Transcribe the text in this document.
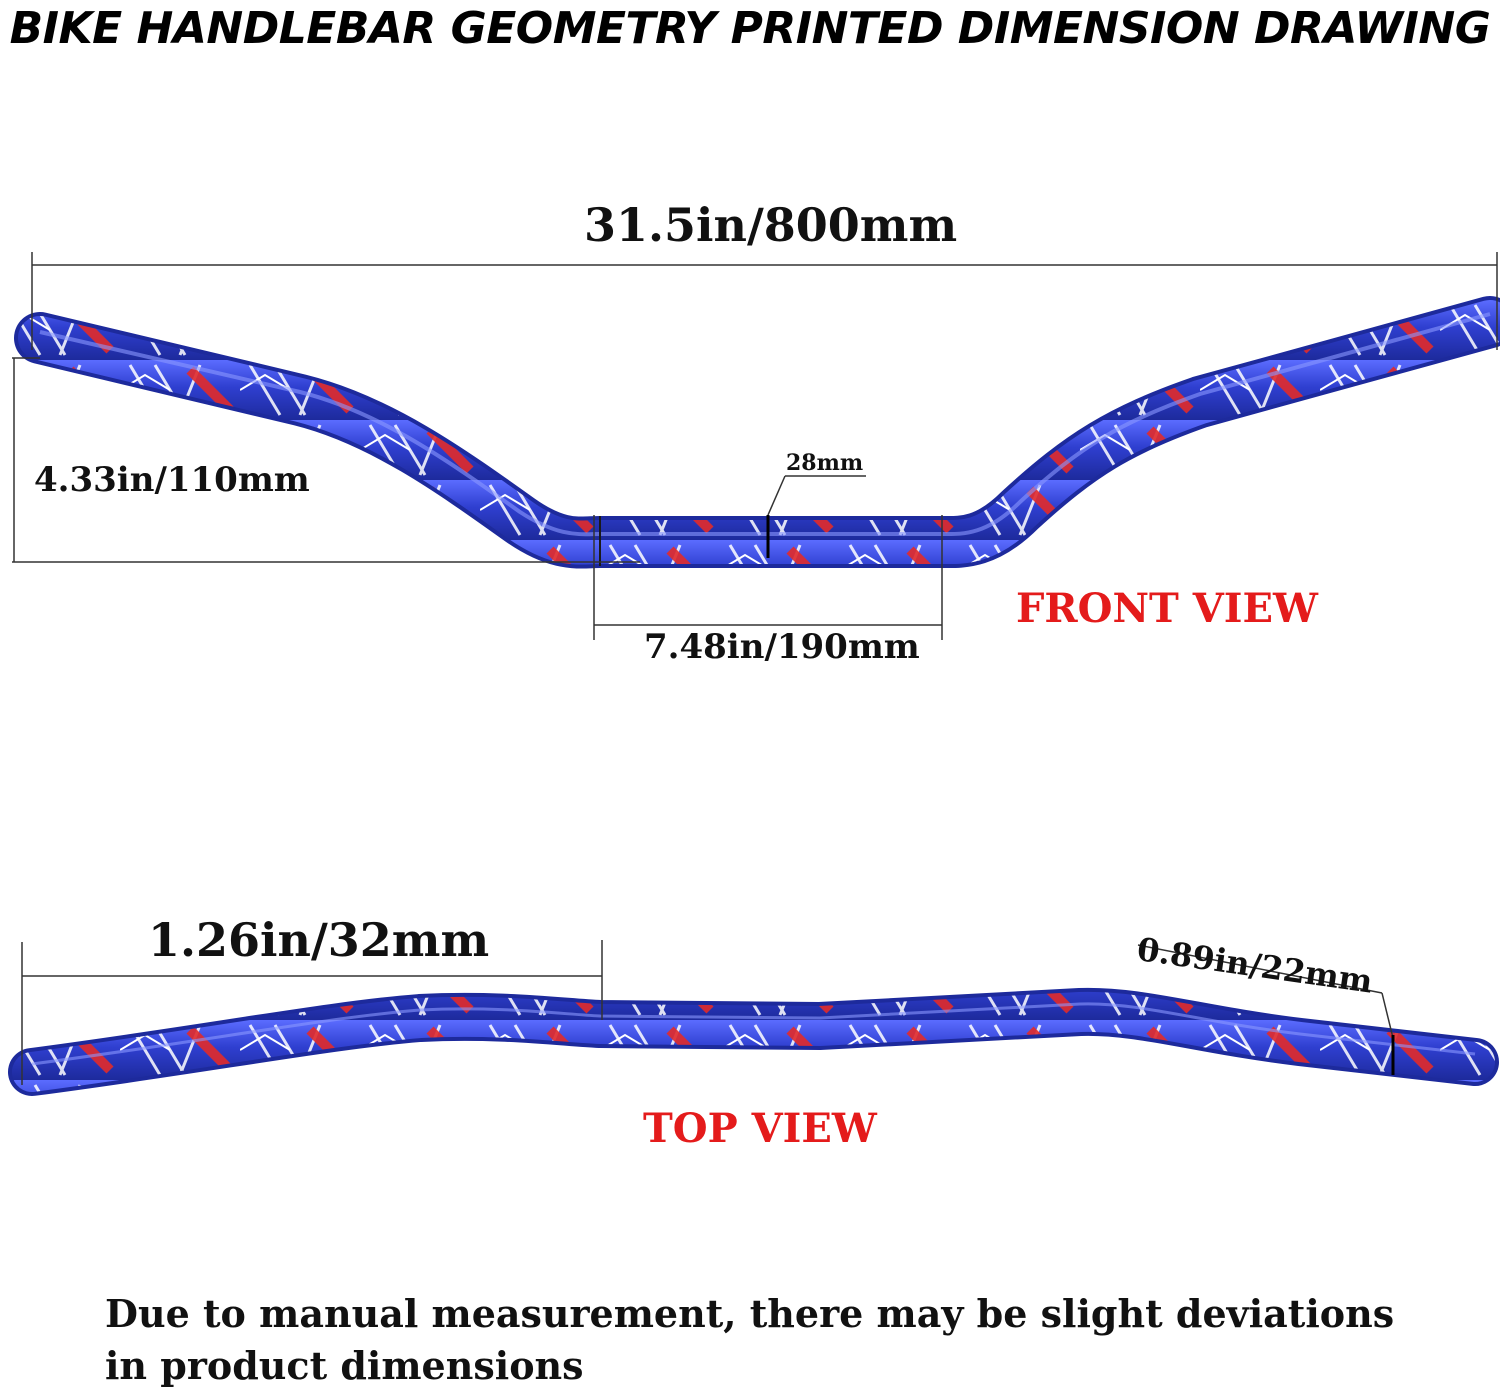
BIKE HANDLEBAR GEOMETRY PRINTED DIMENSION DRAWING
31.5in/800mm
4.33in/110mm	28mm
7.48in/190mm
FRONT VIEW
1.26in/32mm	0.89in/22mm
TOP VIEW
Due to manual measurement, there may be slight deviations in product dimensions
